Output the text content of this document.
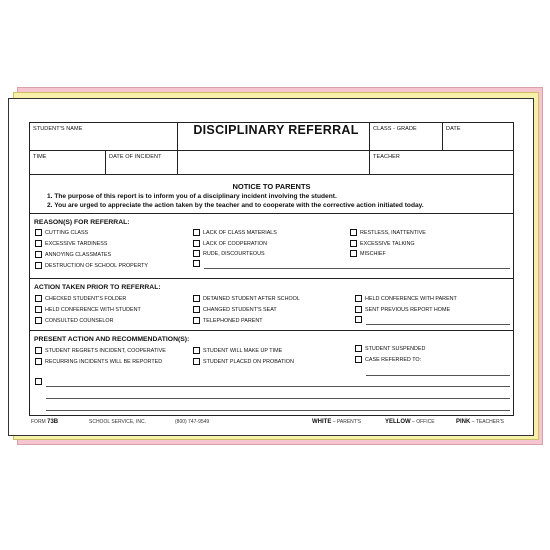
STUDENT'S NAME	DISCIPLINARY REFERRAL	CLASS - GRADE	DATE
TIME	DATE OF INCIDENT	TEACHER
NOTICE TO PARENTS
1. The purpose of this report is to inform you of a disciplinary incident involving the student.
2. You are urged to appreciate the action taken by the teacher and to cooperate with the corrective action initiated today.
REASON(S) FOR REFERRAL:
CUTTING CLASS
EXCESSIVE TARDINESS
ANNOYING CLASSMATES
DESTRUCTION OF SCHOOL PROPERTY
LACK OF CLASS MATERIALS
LACK OF COOPERATION
RUDE, DISCOURTEOUS
RESTLESS, INATTENTIVE
EXCESSIVE TALKING
MISCHIEF
ACTION TAKEN PRIOR TO REFERRAL:
CHECKED STUDENT'S FOLDER
HELD CONFERENCE WITH STUDENT
CONSULTED COUNSELOR
DETAINED STUDENT AFTER SCHOOL
CHANGED STUDENT'S SEAT
TELEPHONED PARENT
HELD CONFERENCE WITH PARENT
SENT PREVIOUS REPORT HOME
PRESENT ACTION AND RECOMMENDATION(S):
STUDENT REGRETS INCIDENT, COOPERATIVE
RECURRING INCIDENTS WILL BE REPORTED
STUDENT WILL MAKE UP TIME
STUDENT PLACED ON PROBATION
STUDENT SUSPENDED
CASE REFERRED TO:
FORM 73B	SCHOOL SERVICE, INC.	(800) 747-9549	WHITE – PARENT'S	YELLOW – OFFICE	PINK – TEACHER'S
